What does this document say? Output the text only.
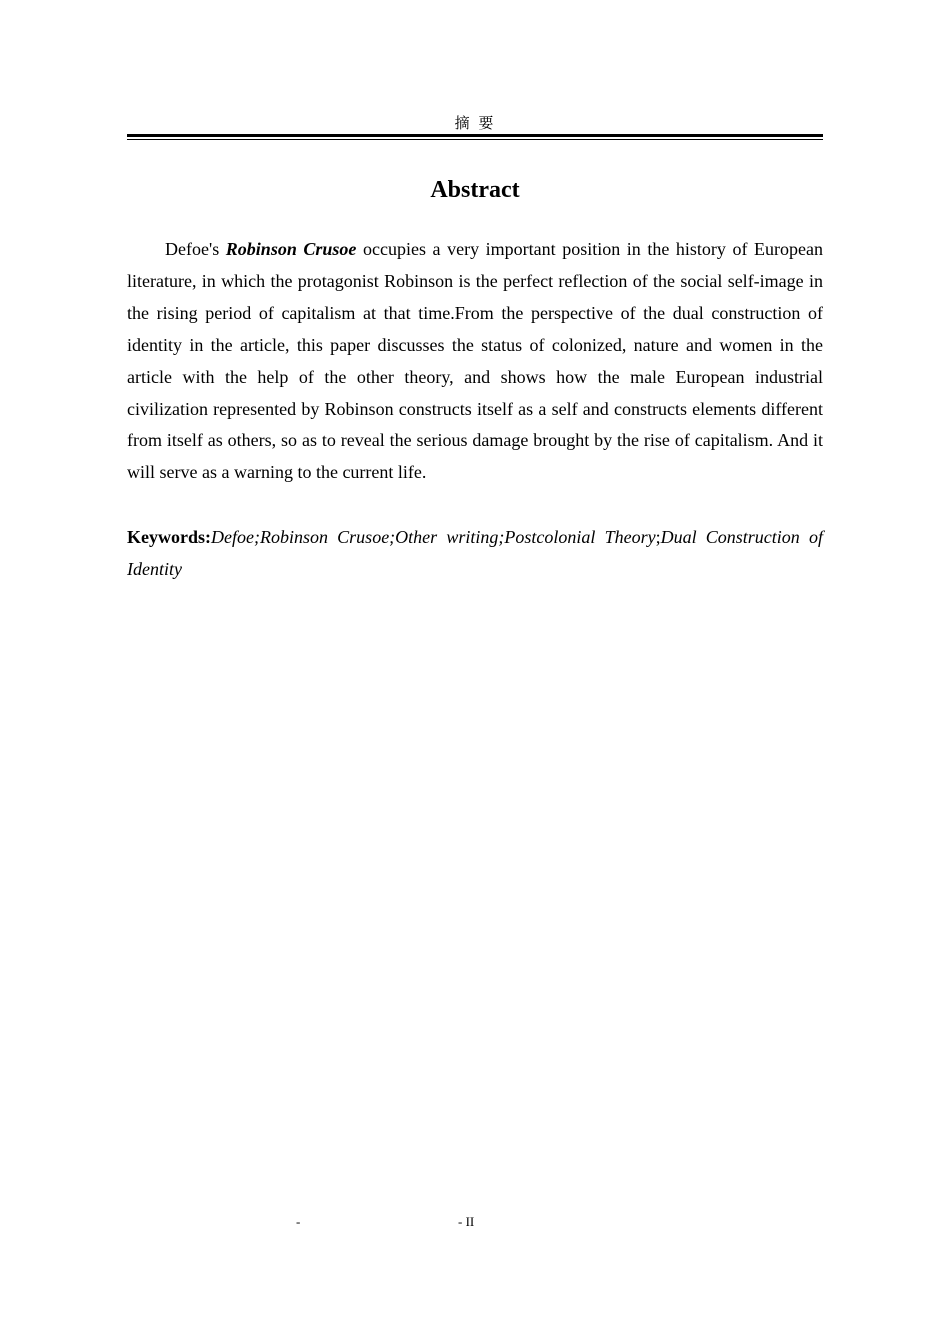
摘 要
Abstract

Defoe's Robinson Crusoe occupies a very important position in the history of European literature, in which the protagonist Robinson is the perfect reflection of the social self-image in the rising period of capitalism at that time.From the perspective of the dual construction of identity in the article, this paper discusses the status of colonized, nature and women in the article with the help of the other theory, and shows how the male European industrial civilization represented by Robinson constructs itself as a self and constructs elements different from itself as others, so as to reveal the serious damage brought by the rise of capitalism. And it will serve as a warning to the current life.

Keywords:Defoe;Robinson Crusoe;Other writing;Postcolonial Theory;Dual Construction of Identity

-	- II
